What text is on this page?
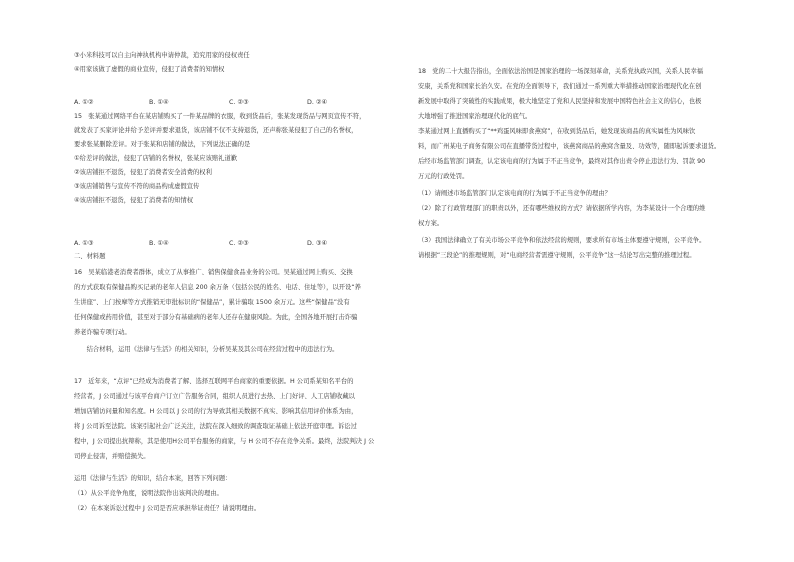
③小米科技可以自主向神执机构申请仲裁，追究用家的侵权责任
④用家该做了虚假的商业宣传，侵犯了消费者的知情权
A. ①②	B. ①④	C. ②③	D. ②④
15　张某通过网络平台在某店铺购买了一件某品牌的衣服，收到货品后，张某发现货品与网页宣传不符，
就发表了买家评论并给予差评并要求退货，该店铺不仅不支持退货，还声称张某侵犯了自己的名誉权，
要求张某删除差评。对于张某和店铺的做法，下列说法正确的是
①给差评的做法，侵犯了店铺的名誉权，张某应该赔礼道歉
②该店铺拒不退货，侵犯了消费者安全消费的权利
③该店铺销售与宣传不符的商品构成虚假宣传
④该店铺拒不退货，侵犯了消费者的知情权
A. ①③	B. ①④	C. ②③	D. ③④
二、材料题
16　吴某临港老消费者群体，成立了从事推广、销售保健食品业务的公司。吴某通过网上购买、交换
的方式获取有保健品购买记录的老年人信息 200 余万条（包括公民的姓名、电话、住址等），以开设“养
生讲座”、上门按摩等方式推销无审批标识的“保健品”，累计骗取 1500 余万元。这些“保健品”没有
任何保健或药用价值，甚至对于部分有基础病的老年人还存在健康风险。为此，全国各地开展打击诈骗
养老诈骗专项行动。
　　结合材料，运用《法律与生活》的相关知识，分析吴某及其公司在经营过程中的违法行为。
17　近年来，“点评”已经成为消费者了解、选择互联网平台商家的重要依据。H 公司系某知名平台的
经营者，J 公司通过与该平台商户订立广告服务合同，组织人员进行去热、上门好评、人工店铺收藏以
增加店铺访问量和知名度。H 公司以 J 公司的行为导致其相关数据不真实、影响其信用评价体系为由，
将 J 公司诉至法院。该案引起社会广泛关注，法院在深入细致的调查取证基础上依法开庭审理。诉讼过
程中，J 公司提出抗辩称，其是使用H公司平台服务的商家，与 H 公司不存在竞争关系。最终，法院判决 J 公
司停止侵害，并赔偿损失。
运用《法律与生活》的知识，结合本案，回答下列问题：
（1）从公平竞争角度，说明法院作出该判决的理由。
（2）在本案诉讼过程中 J 公司是否应承担举证责任？请说明理由。
18　党的二十大报告指出，全面依法治国是国家治理的一场深刻革命，关系党执政兴国，关系人民幸福
安康，关系党和国家长治久安。在党的全面领导下，我们通过一系列重大举措推动国家治理现代化在创
新发展中取得了突破性的实践成果，极大地坚定了党和人民坚持和发展中国特色社会主义的信心，也极
大地增强了推进国家治理现代化的底气。
李某通过网上直播购买了“**鸡蛋风味即食燕窝”，在收到货品后，她发现该商品的真实属性为风味饮
料，而广州某电子商务有限公司在直播带货过程中，该燕窝商品的燕窝含量及、功效等，随即起诉要求退货。
后经市场监管部门调查，认定该电商的行为属于不正当竞争，最终对其作出责令停止违法行为、罚款 90
万元的行政处罚。
（1）请阐述市场监管部门认定该电商的行为属于不正当竞争的理由？
（2）除了行政管理部门的职责以外，还有哪些维权的方式？请依据所学内容，为李某设计一个合理的维
权方案。
（3）我国法律确立了有关市场公平竞争和依法经营的规则，要求所有市场主体要遵守规则，公平竞争。
请根据“三段论”的推理规则，对“电商经营者需遵守规则，公平竞争”这一结论写出完整的推理过程。
